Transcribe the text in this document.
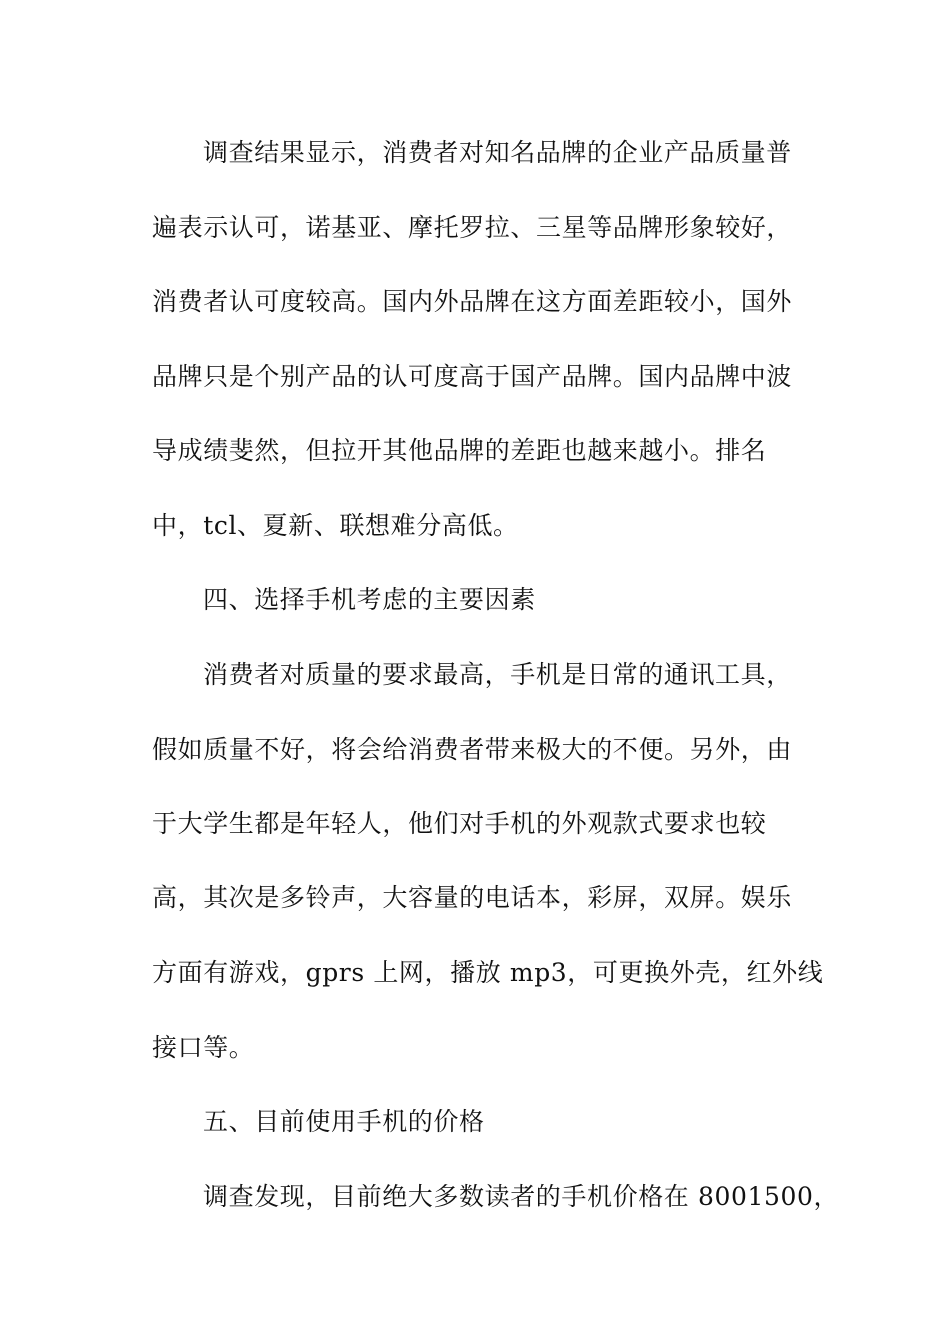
调查结果显示，消费者对知名品牌的企业产品质量普
遍表示认可，诺基亚、摩托罗拉、三星等品牌形象较好，
消费者认可度较高。国内外品牌在这方面差距较小，国外
品牌只是个别产品的认可度高于国产品牌。国内品牌中波
导成绩斐然，但拉开其他品牌的差距也越来越小。排名
中，tcl、夏新、联想难分高低。
四、选择手机考虑的主要因素
消费者对质量的要求最高，手机是日常的通讯工具，
假如质量不好，将会给消费者带来极大的不便。另外，由
于大学生都是年轻人，他们对手机的外观款式要求也较
高，其次是多铃声，大容量的电话本，彩屏，双屏。娱乐
方面有游戏，gprs 上网，播放 mp3，可更换外壳，红外线
接口等。
五、目前使用手机的价格
调查发现，目前绝大多数读者的手机价格在 8001500，
